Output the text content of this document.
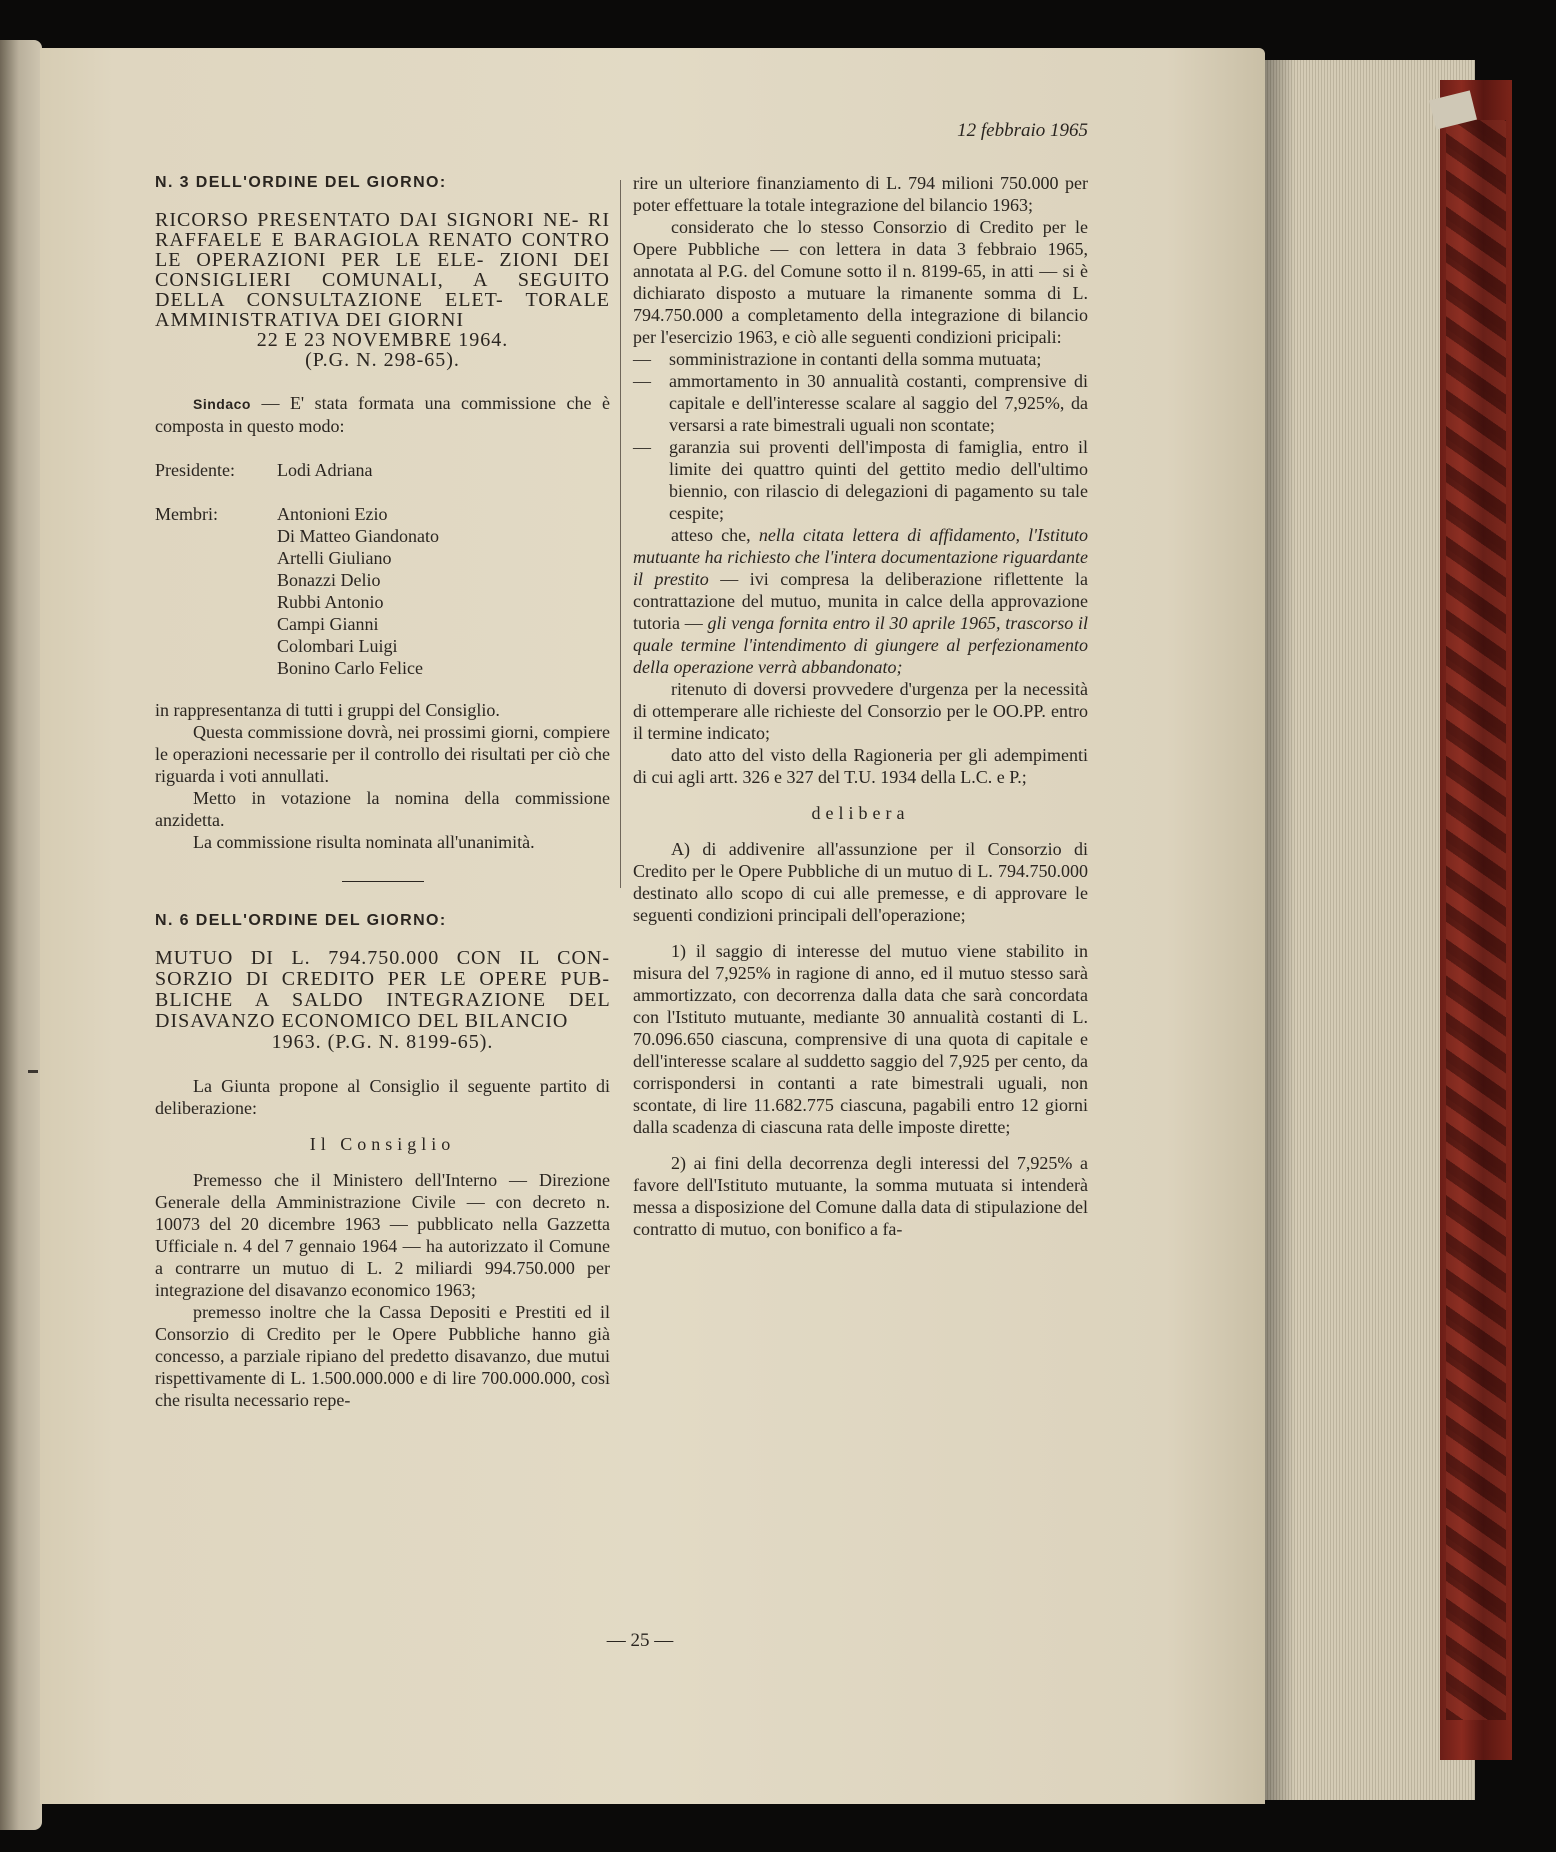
12 febbraio 1965
N. 3 DELL'ORDINE DEL GIORNO:
RICORSO PRESENTATO DAI SIGNORI NE- RI RAFFAELE E BARAGIOLA RENATO CONTRO LE OPERAZIONI PER LE ELE- ZIONI DEI CONSIGLIERI COMUNALI, A SEGUITO DELLA CONSULTAZIONE ELET- TORALE AMMINISTRATIVA DEI GIORNI
22 E 23 NOVEMBRE 1964.
(P.G. N. 298-65).

Sindaco — E' stata formata una commissione che è composta in questo modo:

Presidente:	Lodi Adriana
Membri:	Antonioni Ezio
Di Matteo Giandonato
Artelli Giuliano
Bonazzi Delio
Rubbi Antonio
Campi Gianni
Colombari Luigi
Bonino Carlo Felice

in rappresentanza di tutti i gruppi del Consiglio.

Questa commissione dovrà, nei prossimi giorni, compiere le operazioni necessarie per il controllo dei risultati per ciò che riguarda i voti annullati.

Metto in votazione la nomina della commissione anzidetta.

La commissione risulta nominata all'unanimità.

N. 6 DELL'ORDINE DEL GIORNO:
MUTUO DI L. 794.750.000 CON IL CON- SORZIO DI CREDITO PER LE OPERE PUB- BLICHE A SALDO INTEGRAZIONE DEL DISAVANZO ECONOMICO DEL BILANCIO
1963. (P.G. N. 8199-65).

La Giunta propone al Consiglio il seguente partito di deliberazione:

Il Consiglio

Premesso che il Ministero dell'Interno — Direzione Generale della Amministrazione Civile — con decreto n. 10073 del 20 dicembre 1963 — pubblicato nella Gazzetta Ufficiale n. 4 del 7 gennaio 1964 — ha autorizzato il Comune a contrarre un mutuo di L. 2 miliardi 994.750.000 per integrazione del disavanzo economico 1963;

premesso inoltre che la Cassa Depositi e Prestiti ed il Consorzio di Credito per le Opere Pubbliche hanno già concesso, a parziale ripiano del predetto disavanzo, due mutui rispettivamente di L. 1.500.000.000 e di lire 700.000.000, così che risulta necessario repe-

rire un ulteriore finanziamento di L. 794 milioni 750.000 per poter effettuare la totale integrazione del bilancio 1963;

considerato che lo stesso Consorzio di Credito per le Opere Pubbliche — con lettera in data 3 febbraio 1965, annotata al P.G. del Comune sotto il n. 8199-65, in atti — si è dichiarato disposto a mutuare la rimanente somma di L. 794.750.000 a completamento della integrazione di bilancio per l'esercizio 1963, e ciò alle seguenti condizioni pricipali:

—	somministrazione in contanti della somma mutuata;
—	ammortamento in 30 annualità costanti, comprensive di capitale e dell'interesse scalare al saggio del 7,925%, da versarsi a rate bimestrali uguali non scontate;
—	garanzia sui proventi dell'imposta di famiglia, entro il limite dei quattro quinti del gettito medio dell'ultimo biennio, con rilascio di delegazioni di pagamento su tale cespite;

atteso che, nella citata lettera di affidamento, l'Istituto mutuante ha richiesto che l'intera documentazione riguardante il prestito — ivi compresa la deliberazione riflettente la contrattazione del mutuo, munita in calce della approvazione tutoria — gli venga fornita entro il 30 aprile 1965, trascorso il quale termine l'intendimento di giungere al perfezionamento della operazione verrà abbandonato;

ritenuto di doversi provvedere d'urgenza per la necessità di ottemperare alle richieste del Consorzio per le OO.PP. entro il termine indicato;

dato atto del visto della Ragioneria per gli adempimenti di cui agli artt. 326 e 327 del T.U. 1934 della L.C. e P.;

delibera

A) di addivenire all'assunzione per il Consorzio di Credito per le Opere Pubbliche di un mutuo di L. 794.750.000 destinato allo scopo di cui alle premesse, e di approvare le seguenti condizioni principali dell'operazione;

1) il saggio di interesse del mutuo viene stabilito in misura del 7,925% in ragione di anno, ed il mutuo stesso sarà ammortizzato, con decorrenza dalla data che sarà concordata con l'Istituto mutuante, mediante 30 annualità costanti di L. 70.096.650 ciascuna, comprensive di una quota di capitale e dell'interesse scalare al suddetto saggio del 7,925 per cento, da corrispondersi in contanti a rate bimestrali uguali, non scontate, di lire 11.682.775 ciascuna, pagabili entro 12 giorni dalla scadenza di ciascuna rata delle imposte dirette;

2) ai fini della decorrenza degli interessi del 7,925% a favore dell'Istituto mutuante, la somma mutuata si intenderà messa a disposizione del Comune dalla data di stipulazione del contratto di mutuo, con bonifico a fa-

— 25 —
